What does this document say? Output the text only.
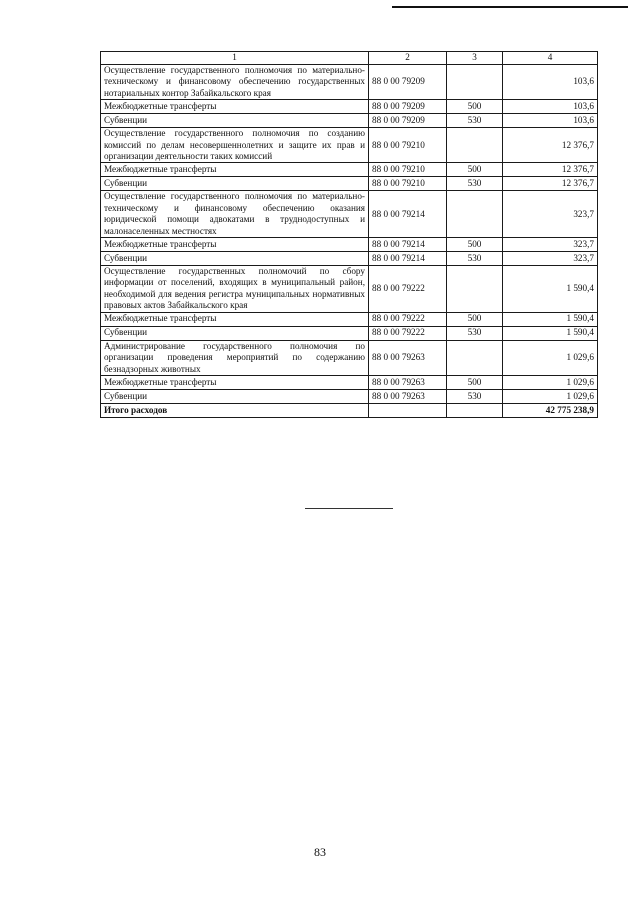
1	2	3	4
Осуществление государственного полномочия по материально-техническому и финансовому обеспечению государственных нотариальных контор Забайкальского края	88 0 00 79209		103,6
Межбюджетные трансферты	88 0 00 79209	500	103,6
Субвенции	88 0 00 79209	530	103,6
Осуществление государственного полномочия по созданию комиссий по делам несовершеннолетних и защите их прав и организации деятельности таких комиссий	88 0 00 79210		12 376,7
Межбюджетные трансферты	88 0 00 79210	500	12 376,7
Субвенции	88 0 00 79210	530	12 376,7
Осуществление государственного полномочия по материально-техническому и финансовому обеспечению оказания юридической помощи адвокатами в труднодоступных и малонаселенных местностях	88 0 00 79214		323,7
Межбюджетные трансферты	88 0 00 79214	500	323,7
Субвенции	88 0 00 79214	530	323,7
Осуществление государственных полномочий по сбору информации от поселений, входящих в муниципальный район, необходимой для ведения регистра муниципальных нормативных правовых актов Забайкальского края	88 0 00 79222		1 590,4
Межбюджетные трансферты	88 0 00 79222	500	1 590,4
Субвенции	88 0 00 79222	530	1 590,4
Администрирование государственного полномочия по организации проведения мероприятий по содержанию безнадзорных животных	88 0 00 79263		1 029,6
Межбюджетные трансферты	88 0 00 79263	500	1 029,6
Субвенции	88 0 00 79263	530	1 029,6
Итого расходов			42 775 238,9
83
